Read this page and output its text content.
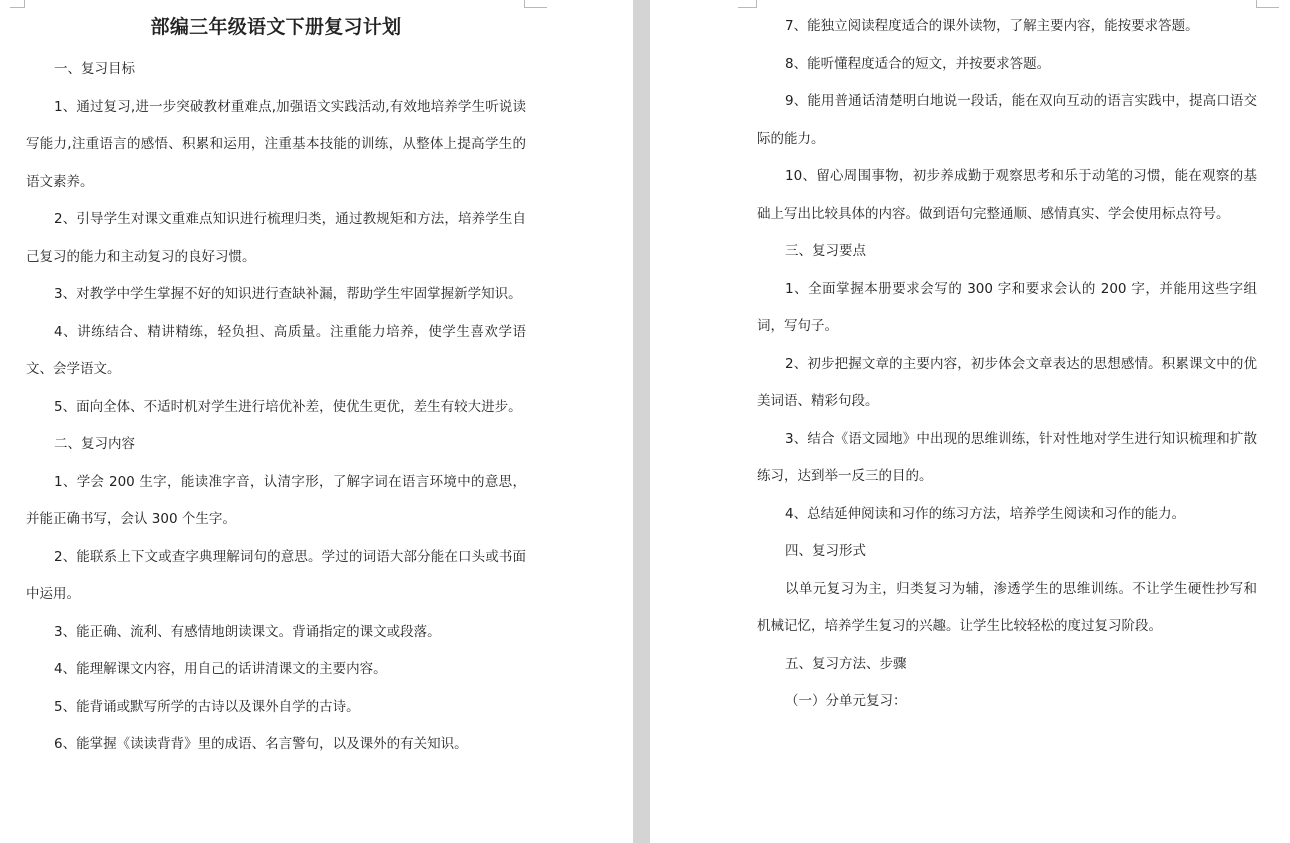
部编三年级语文下册复习计划

一、复习目标

1、通过复习,进一步突破教材重难点,加强语文实践活动,有效地培养学生听说读写能力,注重语言的感悟、积累和运用，注重基本技能的训练，从整体上提高学生的语文素养。

2、引导学生对课文重难点知识进行梳理归类，通过教规矩和方法，培养学生自己复习的能力和主动复习的良好习惯。

3、对教学中学生掌握不好的知识进行查缺补漏，帮助学生牢固掌握新学知识。

4、讲练结合、精讲精练，轻负担、高质量。注重能力培养，使学生喜欢学语文、会学语文。

5、面向全体、不适时机对学生进行培优补差，使优生更优，差生有较大进步。

二、复习内容

1、学会 200 生字，能读准字音，认清字形，了解字词在语言环境中的意思，并能正确书写，会认 300 个生字。

2、能联系上下文或查字典理解词句的意思。学过的词语大部分能在口头或书面中运用。

3、能正确、流利、有感情地朗读课文。背诵指定的课文或段落。

4、能理解课文内容，用自己的话讲清课文的主要内容。

5、能背诵或默写所学的古诗以及课外自学的古诗。

6、能掌握《读读背背》里的成语、名言警句，以及课外的有关知识。

7、能独立阅读程度适合的课外读物，了解主要内容，能按要求答题。

8、能听懂程度适合的短文，并按要求答题。

9、能用普通话清楚明白地说一段话，能在双向互动的语言实践中，提高口语交际的能力。

10、留心周围事物，初步养成勤于观察思考和乐于动笔的习惯，能在观察的基础上写出比较具体的内容。做到语句完整通顺、感情真实、学会使用标点符号。

三、复习要点

1、全面掌握本册要求会写的 300 字和要求会认的 200 字，并能用这些字组词，写句子。

2、初步把握文章的主要内容，初步体会文章表达的思想感情。积累课文中的优美词语、精彩句段。

3、结合《语文园地》中出现的思维训练，针对性地对学生进行知识梳理和扩散练习，达到举一反三的目的。

4、总结延伸阅读和习作的练习方法，培养学生阅读和习作的能力。

四、复习形式

以单元复习为主，归类复习为辅，渗透学生的思维训练。不让学生硬性抄写和机械记忆，培养学生复习的兴趣。让学生比较轻松的度过复习阶段。

五、复习方法、步骤

（一）分单元复习：
